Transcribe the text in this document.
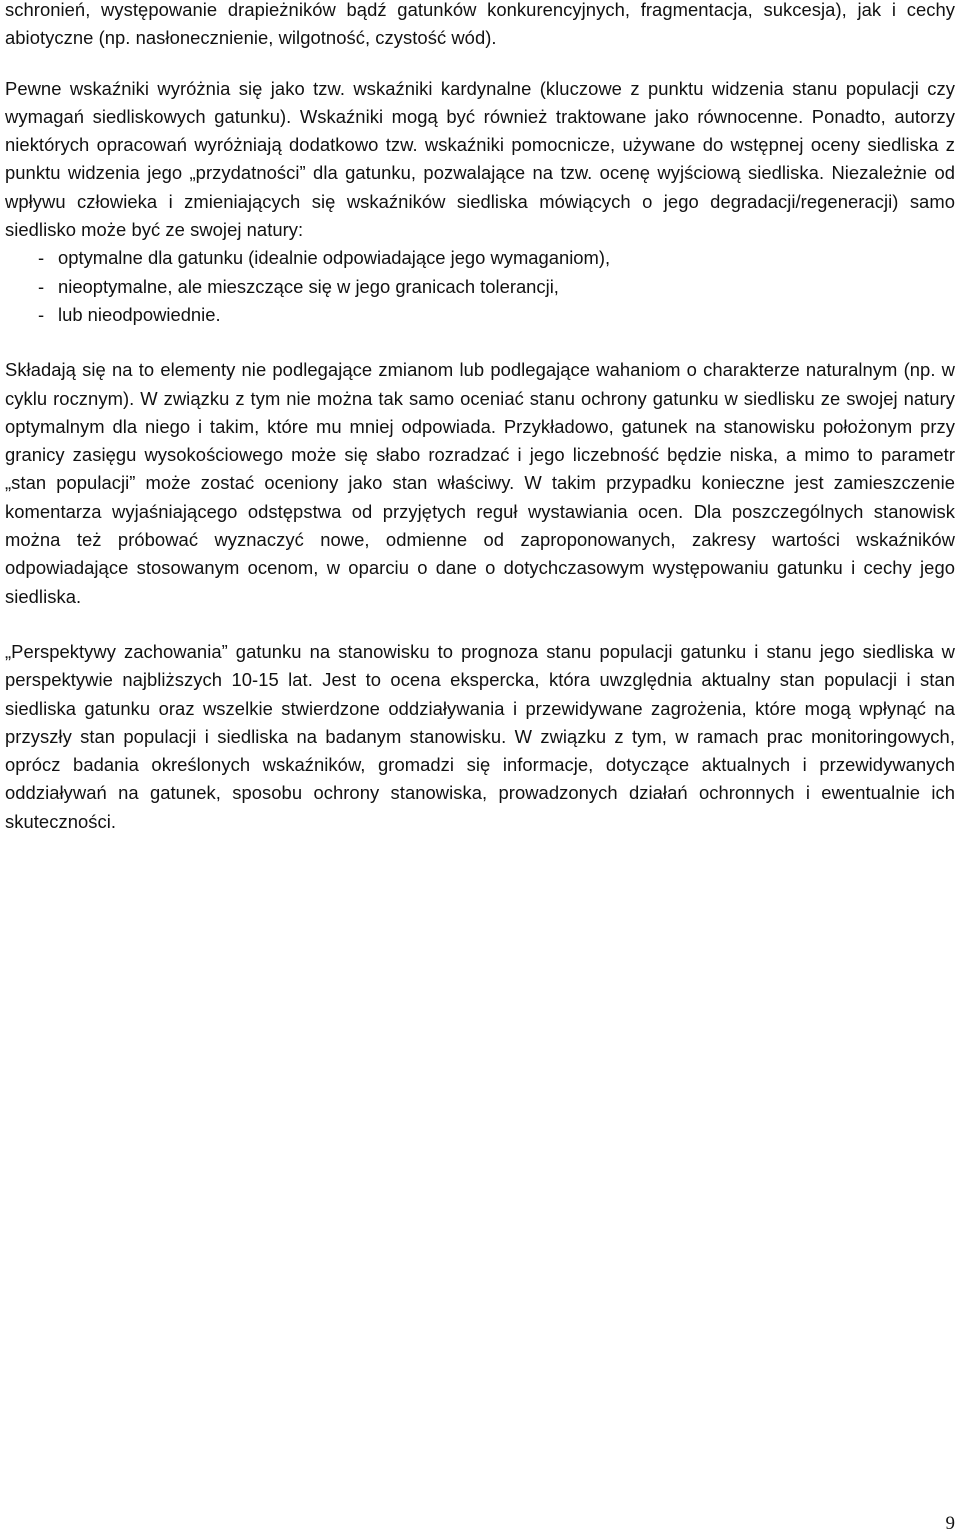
schronień, występowanie drapieżników bądź gatunków konkurencyjnych, fragmentacja, sukcesja), jak i cechy abiotyczne (np. nasłonecznienie, wilgotność, czystość wód).

Pewne wskaźniki wyróżnia się jako tzw. wskaźniki kardynalne (kluczowe z punktu widzenia stanu populacji czy wymagań siedliskowych gatunku). Wskaźniki mogą być również traktowane jako równocenne. Ponadto, autorzy niektórych opracowań wyróżniają dodatkowo tzw. wskaźniki pomocnicze, używane do wstępnej oceny siedliska z punktu widzenia jego „przydatności” dla gatunku, pozwalające na tzw. ocenę wyjściową siedliska. Niezależnie od wpływu człowieka i zmieniających się wskaźników siedliska mówiących o jego degradacji/regeneracji) samo siedlisko może być ze swojej natury:

- optymalne dla gatunku (idealnie odpowiadające jego wymaganiom),
- nieoptymalne, ale mieszczące się w jego granicach tolerancji,
- lub nieodpowiednie.

Składają się na to elementy nie podlegające zmianom lub podlegające wahaniom o charakterze naturalnym (np. w cyklu rocznym). W związku z tym nie można tak samo oceniać stanu ochrony gatunku w siedlisku ze swojej natury optymalnym dla niego i takim, które mu mniej odpowiada. Przykładowo, gatunek na stanowisku położonym przy granicy zasięgu wysokościowego może się słabo rozradzać i jego liczebność będzie niska, a mimo to parametr „stan populacji” może zostać oceniony jako stan właściwy. W takim przypadku konieczne jest zamieszczenie komentarza wyjaśniającego odstępstwa od przyjętych reguł wystawiania ocen. Dla poszczególnych stanowisk można też próbować wyznaczyć nowe, odmienne od zaproponowanych, zakresy wartości wskaźników odpowiadające stosowanym ocenom, w oparciu o dane o dotychczasowym występowaniu gatunku i cechy jego siedliska.

„Perspektywy zachowania” gatunku na stanowisku to prognoza stanu populacji gatunku i stanu jego siedliska w perspektywie najbliższych 10-15 lat. Jest to ocena ekspercka, która uwzględnia aktualny stan populacji i stan siedliska gatunku oraz wszelkie stwierdzone oddziaływania i przewidywane zagrożenia, które mogą wpłynąć na przyszły stan populacji i siedliska na badanym stanowisku. W związku z tym, w ramach prac monitoringowych, oprócz badania określonych wskaźników, gromadzi się informacje, dotyczące aktualnych i przewidywanych oddziaływań na gatunek, sposobu ochrony stanowiska, prowadzonych działań ochronnych i ewentualnie ich skuteczności.

9
